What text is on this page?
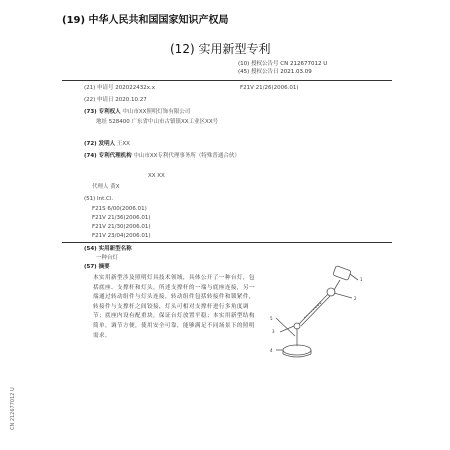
(19) 中华人民共和国国家知识产权局
(12) 实用新型专利
(10) 授权公告号 CN 212677012 U
(45) 授权公告日 2021.03.09
(21) 申请号 202022432x.x	F21V 21/26(2006.01)
(22) 申请日 2020.10.27
(73) 专利权人 中山市XX照明灯饰有限公司
地址 528400 广东省中山市古镇镇XX工业区XX号
(72) 发明人 王XX
(74) 专利代理机构 中山市XX专利代理事务所（特殊普通合伙）
XX XX
代理人 黄X
(51) Int.Cl.
F21S 6/00(2006.01)
F21V 21/36(2006.01)
F21V 21/30(2006.01)
F21V 23/04(2006.01)
(54) 实用新型名称
一种台灯
(57) 摘要
本实用新型涉及照明灯具技术领域，具体公开了一种台灯，包括底座、支撑杆和灯头，所述支撑杆的一端与底座连接，另一端通过转动组件与灯头连接，转动组件包括转接件和锁紧件，转接件与支撑杆之间铰接，灯头可相对支撑杆进行多角度调节；底座内设有配重块，保证台灯放置平稳；本实用新型结构简单，调节方便，使用安全可靠，能够满足不同场景下的照明需求。
3
1
2
4
5
CN 212677012 U
